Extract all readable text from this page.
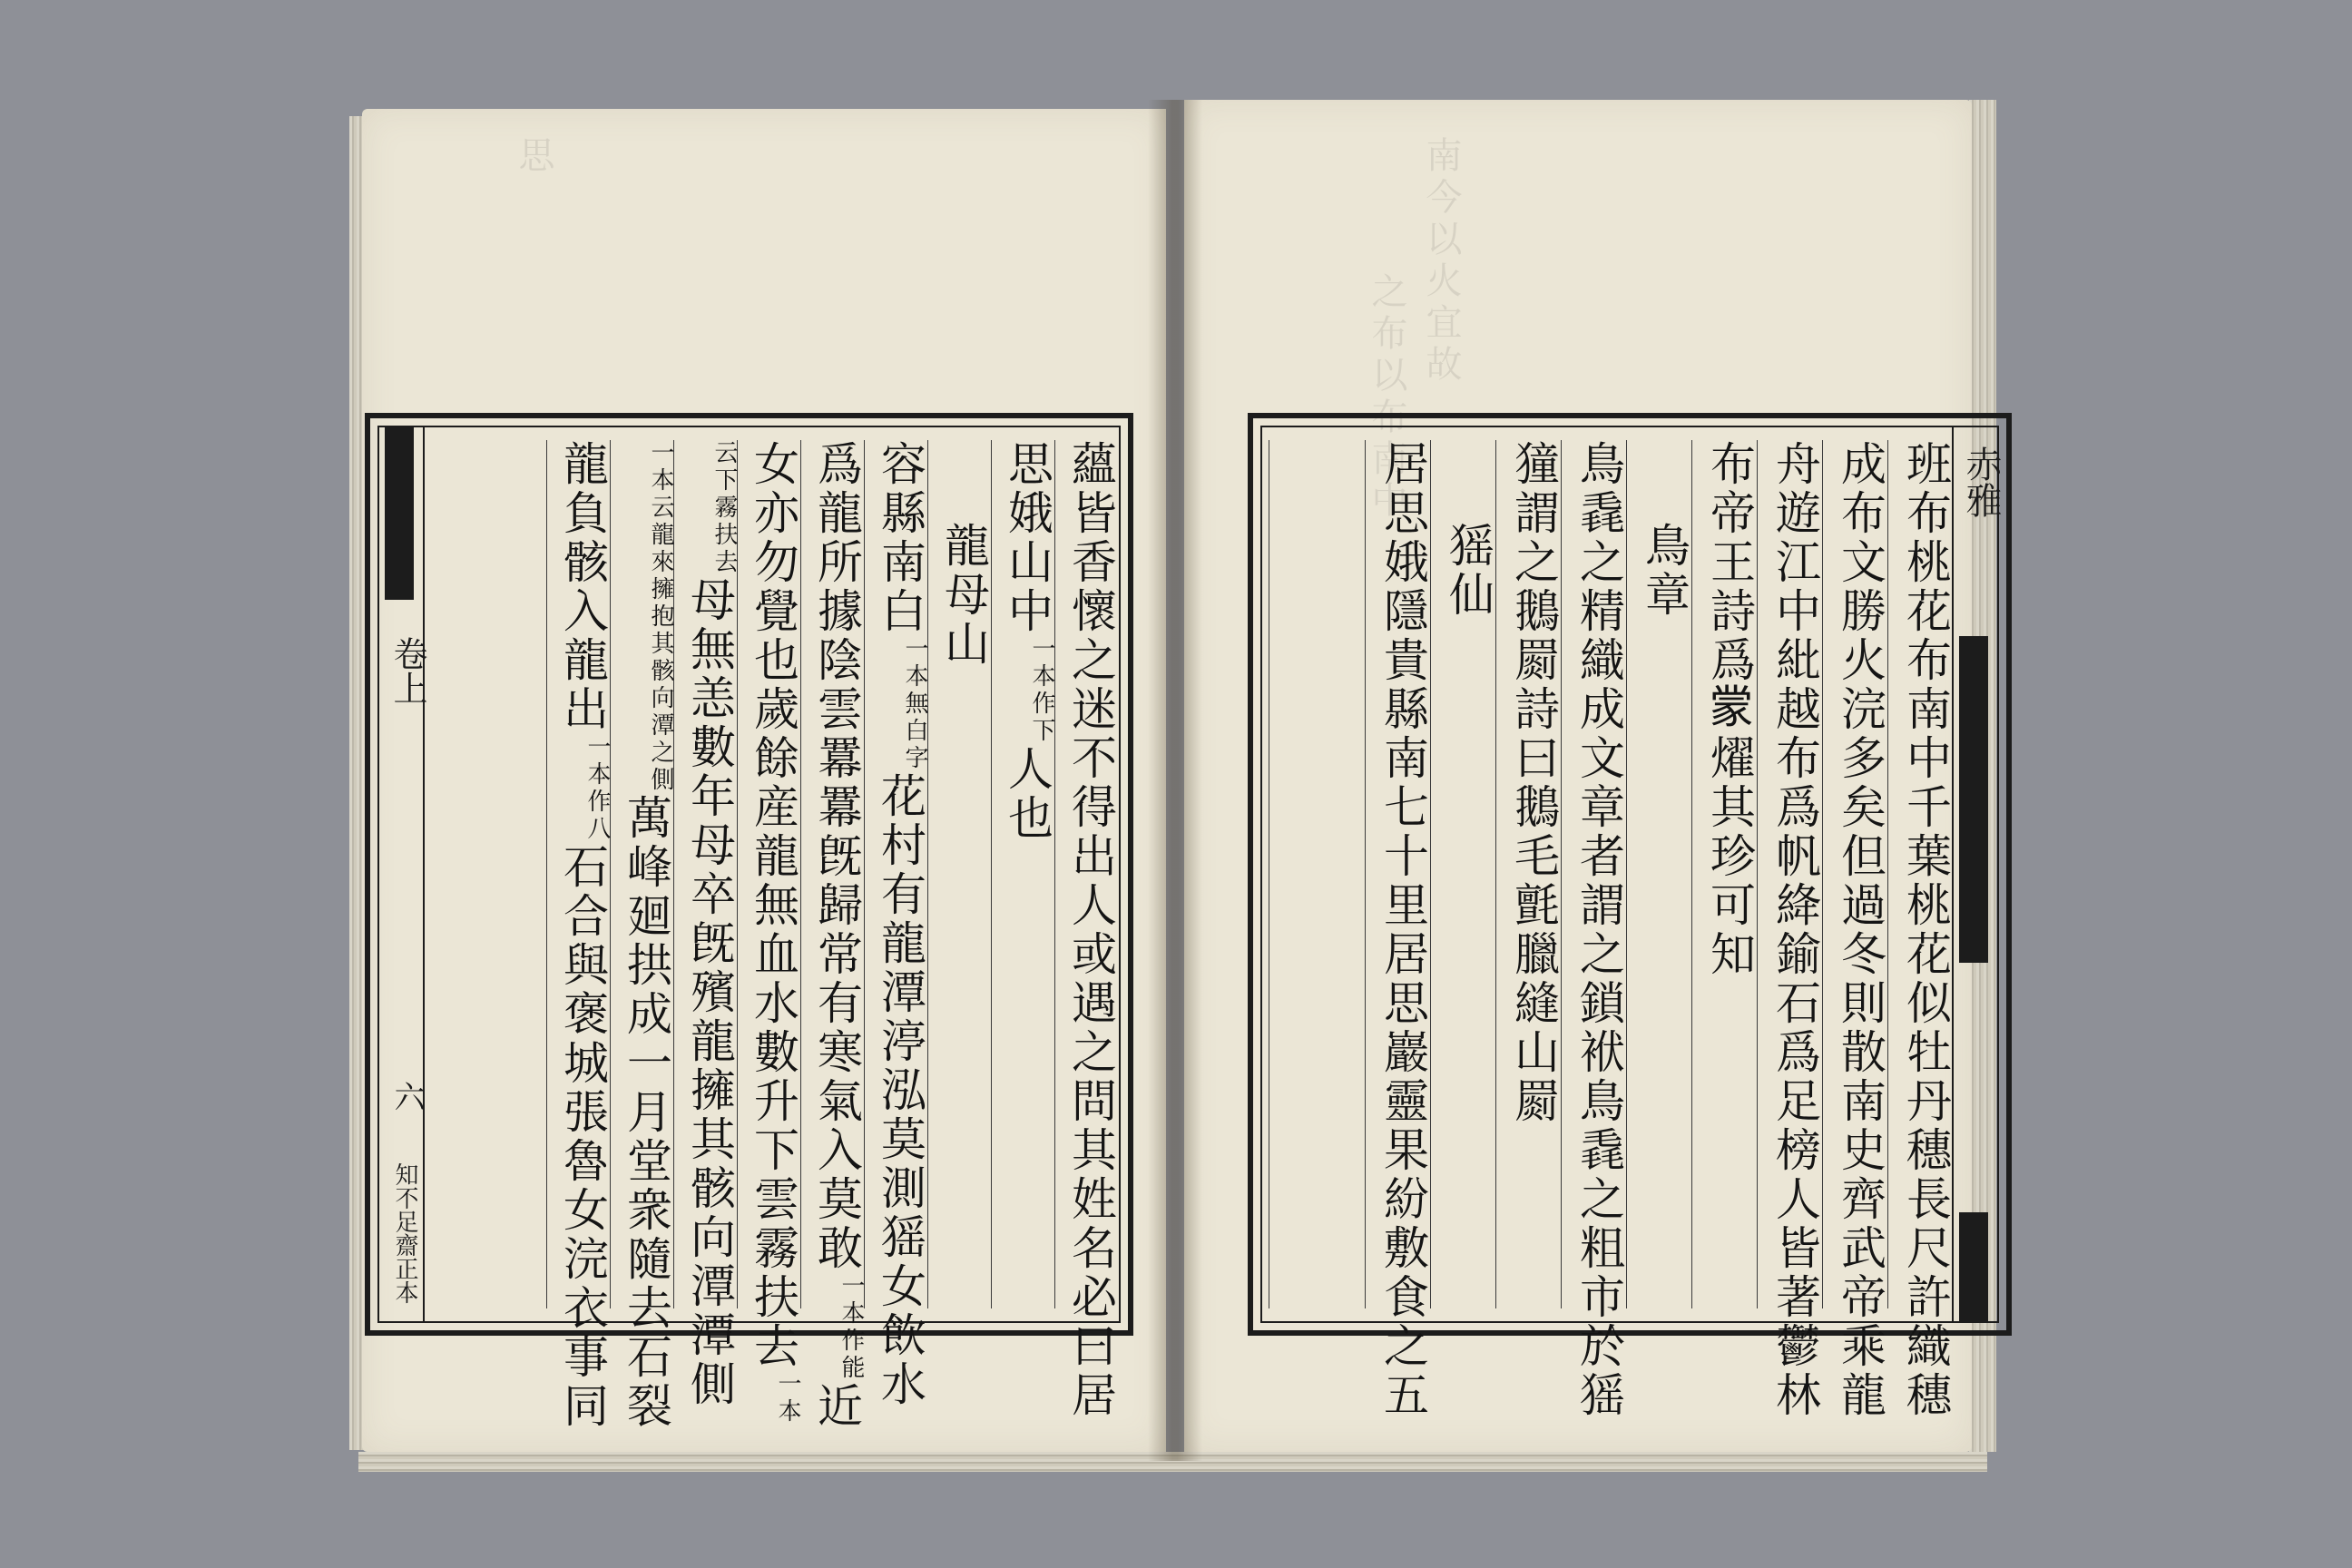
南今以火宜故
之布以布南中
思
蘊皆香懷之迷不得出人或遇之問其姓名必曰居
思娥山中
一本作下
人也
龍母山
容縣南白
一本無白字
花村有龍潭渟泓莫測猺女飲水
爲龍所據陰雲羃羃旣歸常有寒氣入莫敢
一本作能
近
女亦勿覺也歲餘産龍無血水數升下雲霧扶去
一本
云下霧扶去
母無恙數年母卒旣殯龍擁其骸向潭潭側
一本云龍來擁抱其骸向潭之側
萬峰廻拱成一月堂衆隨去石裂
龍負骸入龍出
一本作八
石合與褒城張魯女浣衣事同
卷上
六
知不足齋正本
赤雅
班布桃花布南中千葉桃花似牡丹穗長尺許織穗
成布文勝火浣多矣但過冬則散南史齊武帝乘龍
舟遊江中紕越布爲帆絳鍮石爲足榜人皆著鬱林
布帝王詩爲𫎇燿其珍可知
鳥章
鳥毳之精織成文章者謂之鎖袱鳥毳之粗市於猺
獞謂之鵝罽詩曰鵝毛氈臘縫山罽
猺仙
居思娥隱貴縣南七十里居思巖靈果紛敷食之五
